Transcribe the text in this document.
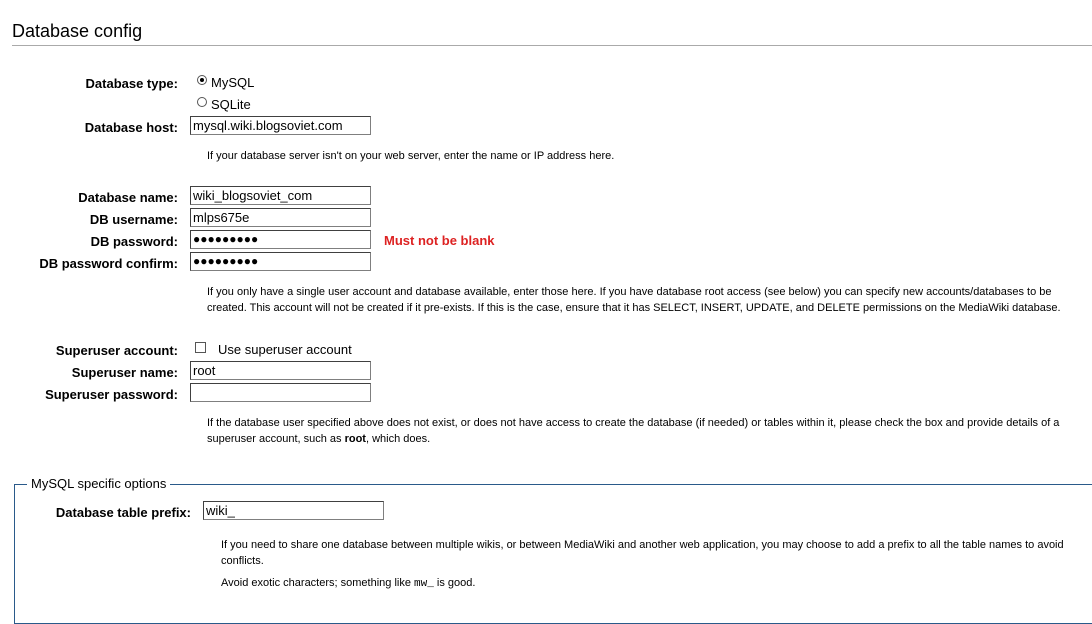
Database config
Database type:	MySQL
SQLite
Database host: mysql.wiki.blogsoviet.com
If your database server isn't on your web server, enter the name or IP address here.
Database name: wiki_blogsoviet_com
DB username: mlps675e
DB password: ●●●●●●●●●	Must not be blank
DB password confirm: ●●●●●●●●●
If you only have a single user account and database available, enter those here. If you have database root access (see below) you can specify new accounts/databases to be created. This account will not be created if it pre-exists. If this is the case, ensure that it has SELECT, INSERT, UPDATE, and DELETE permissions on the MediaWiki database.
Superuser account:	Use superuser account
Superuser name: root
Superuser password:
If the database user specified above does not exist, or does not have access to create the database (if needed) or tables within it, please check the box and provide details of a superuser account, such as root, which does.
MySQL specific options
Database table prefix: wiki_
If you need to share one database between multiple wikis, or between MediaWiki and another web application, you may choose to add a prefix to all the table names to avoid conflicts.
Avoid exotic characters; something like mw_ is good.
